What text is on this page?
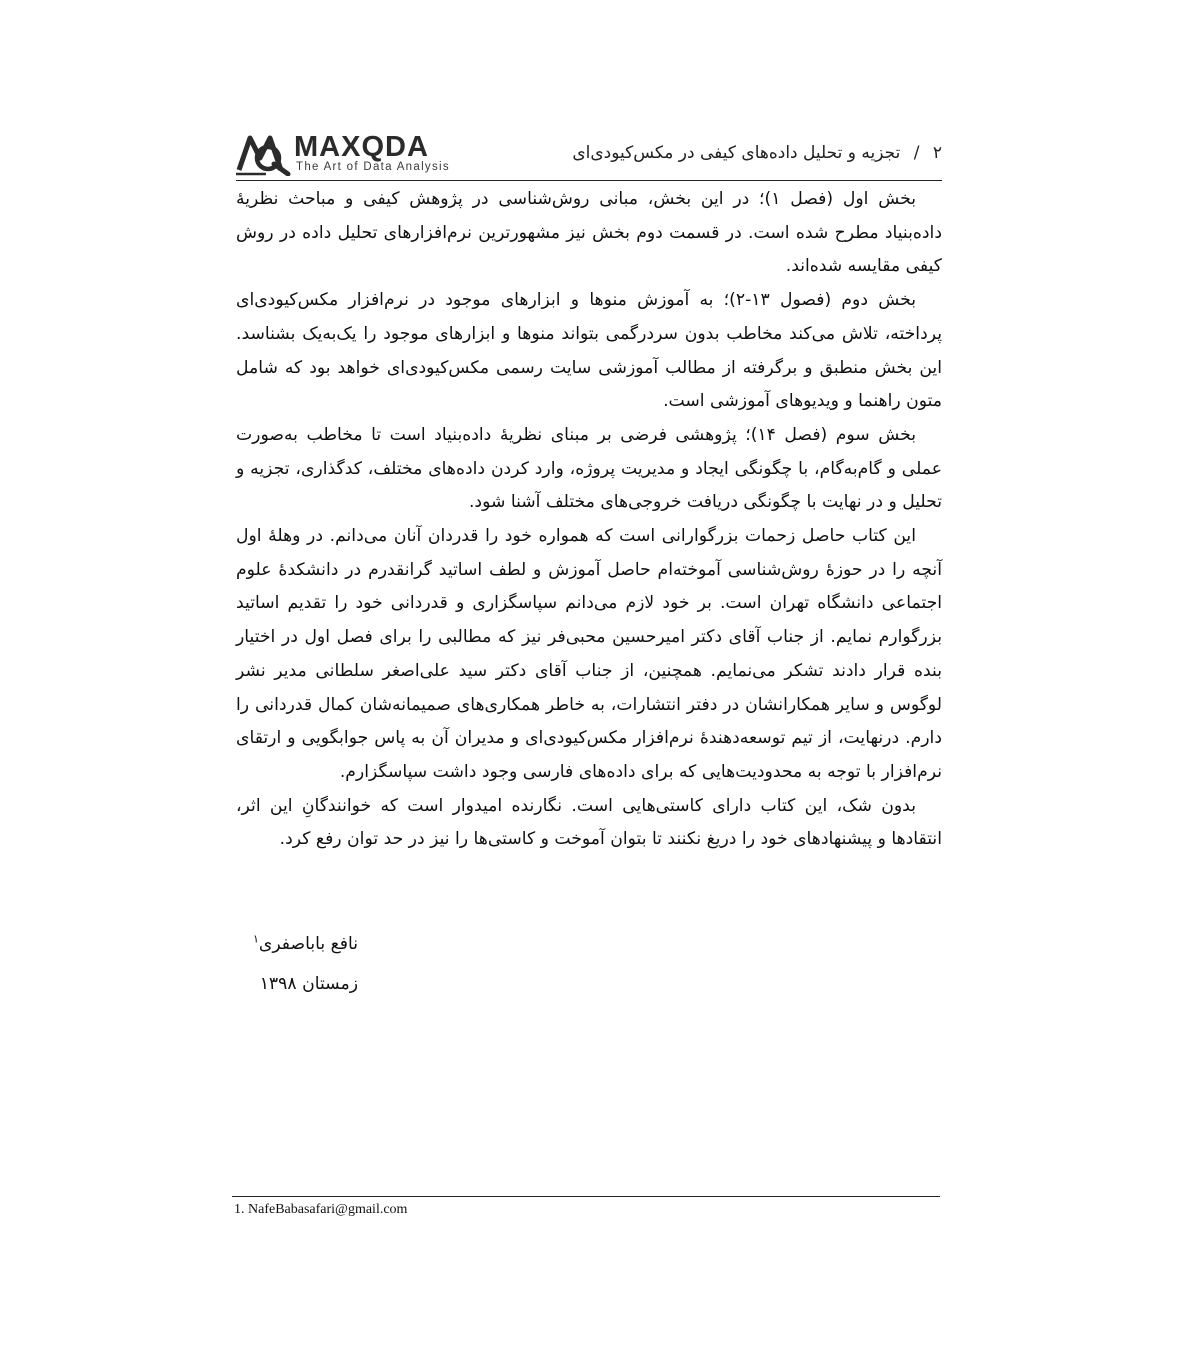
MAXQDA
The Art of Data Analysis
۲ / تجزیه و تحلیل داده‌های کیفی در مکس‌کیودی‌ای

بخش اول (فصل ۱)؛ در این بخش، مبانی روش‌شناسی در پژوهش کیفی و مباحث نظریهٔ داده‌بنیاد مطرح شده است. در قسمت دوم بخش نیز مشهورترین نرم‌افزارهای تحلیل داده در روش کیفی مقایسه شده‌اند.

بخش دوم (فصول ۱۳-۲)؛ به آموزش منوها و ابزارهای موجود در نرم‌افزار مکس‌کیودی‌ای پرداخته، تلاش می‌کند مخاطب بدون سردرگمی بتواند منوها و ابزارهای موجود را یک‌به‌یک بشناسد. این بخش منطبق و برگرفته از مطالب آموزشی سایت رسمی مکس‌کیودی‌ای خواهد بود که شامل متون راهنما و ویدیوهای آموزشی است.

بخش سوم (فصل ۱۴)؛ پژوهشی فرضی بر مبنای نظریهٔ داده‌بنیاد است تا مخاطب به‌صورت عملی و گام‌به‌گام، با چگونگی ایجاد و مدیریت پروژه، وارد کردن داده‌های مختلف، کدگذاری، تجزیه و تحلیل و در نهایت با چگونگی دریافت خروجی‌های مختلف آشنا شود.

این کتاب حاصل زحمات بزرگوارانی است که همواره خود را قدردان آنان می‌دانم. در وهلهٔ اول آنچه را در حوزهٔ روش‌شناسی آموخته‌ام حاصل آموزش و لطف اساتید گرانقدرم در دانشکدهٔ علوم اجتماعی دانشگاه تهران است. بر خود لازم می‌دانم سپاسگزاری و قدردانی خود را تقدیم اساتید بزرگوارم نمایم. از جناب آقای دکتر امیرحسین محبی‌فر نیز که مطالبی را برای فصل اول در اختیار بنده قرار دادند تشکر می‌نمایم. همچنین، از جناب آقای دکتر سید علی‌اصغر سلطانی مدیر نشر لوگوس و سایر همکارانشان در دفتر انتشارات، به خاطر همکاری‌های صمیمانه‌شان کمال قدردانی را دارم. درنهایت، از تیم توسعه‌دهندهٔ نرم‌افزار مکس‌کیودی‌ای و مدیران آن به پاس جوابگویی و ارتقای نرم‌افزار با توجه به محدودیت‌هایی که برای داده‌های فارسی وجود داشت سپاسگزارم.

بدون شک، این کتاب دارای کاستی‌هایی است. نگارنده امیدوار است که خوانندگانِ این اثر، انتقادها و پیشنهادهای خود را دریغ نکنند تا بتوان آموخت و کاستی‌ها را نیز در حد توان رفع کرد.

نافع باباصفری$^۱$
زمستان ۱۳۹۸
1. NafeBabasafari@gmail.com
